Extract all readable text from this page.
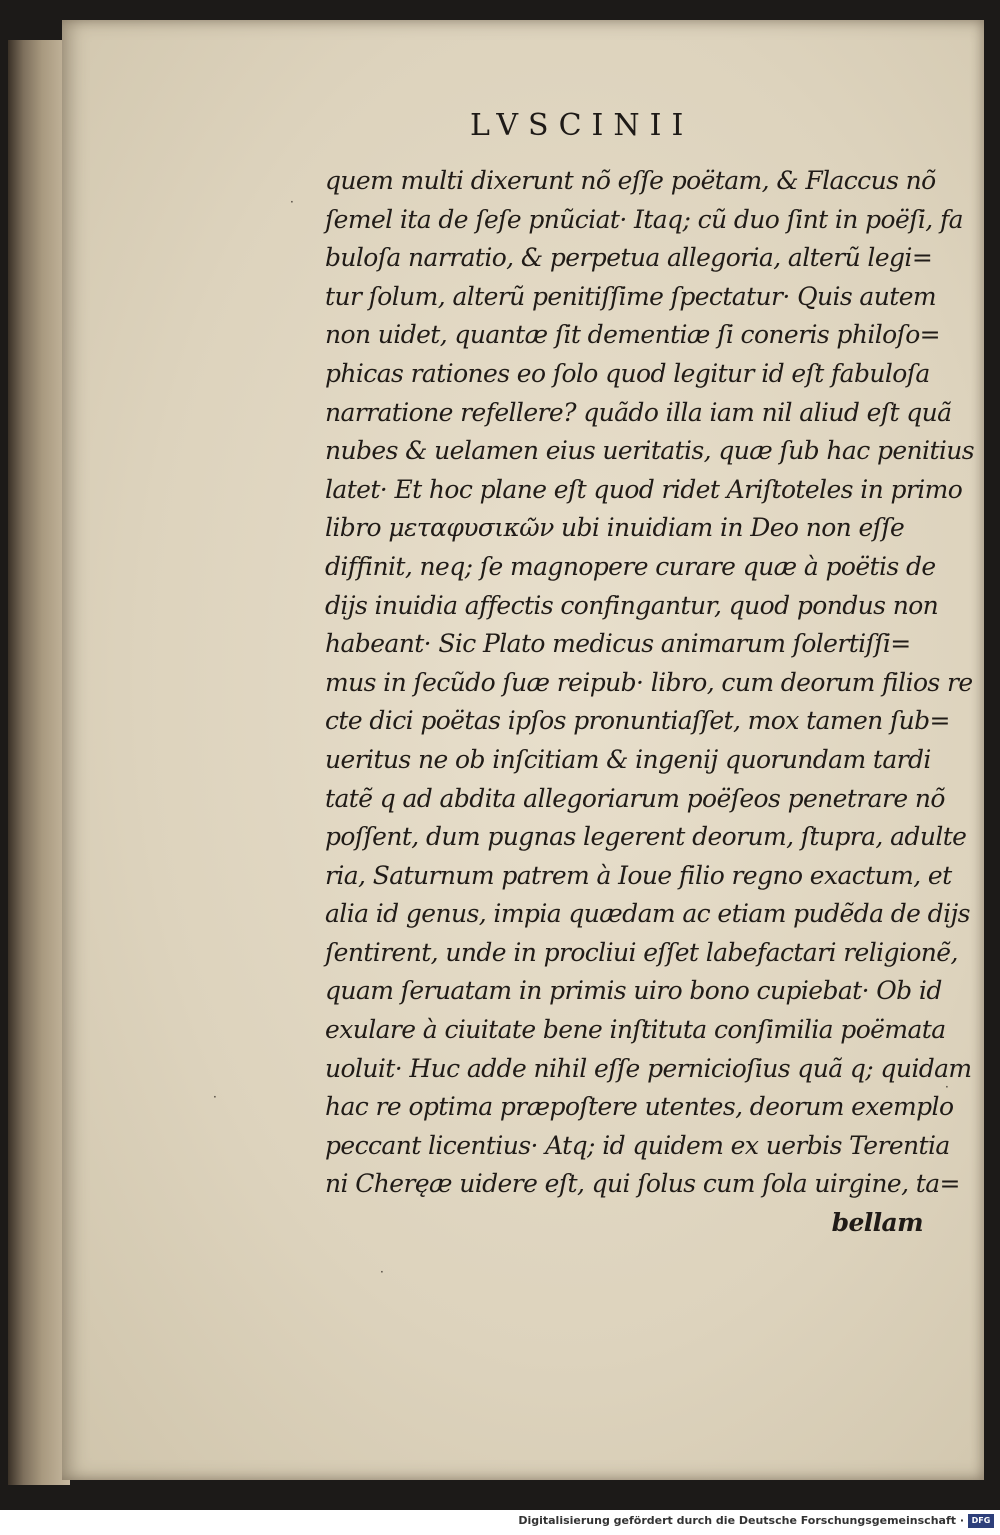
LVSCINII
quem multi dixerunt nõ eſſe poëtam, & Flaccus nõ
ſemel ita de ſeſe pnũciat· Itaq; cũ duo ſint in poëſi, fa
buloſa narratio, & perpetua allegoria, alterũ legi=
tur ſolum, alterũ penitiſſime ſpectatur· Quis autem
non uidet, quantæ ſit dementiæ ſi coneris philoſo=
phicas rationes eo ſolo quod legitur id eſt fabuloſa
narratione refellere? quãdo illa iam nil aliud eſt quã
nubes & uelamen eius ueritatis, quæ ſub hac penitius
latet· Et hoc plane eſt quod ridet Ariſtoteles in primo
libro μεταφυσικῶν ubi inuidiam in Deo non eſſe
diffinit, neq; ſe magnopere curare quæ à poëtis de
dijs inuidia affectis confingantur, quod pondus non
habeant· Sic Plato medicus animarum ſolertiſſi=
mus in ſecũdo ſuæ reipub· libro, cum deorum filios re
cte dici poëtas ipſos pronuntiaſſet, mox tamen ſub=
ueritus ne ob inſcitiam & ingenij quorundam tardi
tatẽ q ad abdita allegoriarum poëſeos penetrare nõ
poſſent, dum pugnas legerent deorum, ſtupra, adulte
ria, Saturnum patrem à Ioue filio regno exactum, et
alia id genus, impia quædam ac etiam pudẽda de dijs
ſentirent, unde in procliui eſſet labefactari religionẽ,
quam ſeruatam in primis uiro bono cupiebat· Ob id
exulare à ciuitate bene inſtituta conſimilia poëmata
uoluit· Huc adde nihil eſſe pernicioſius quã q; quidam
hac re optima præpoſtere utentes, deorum exemplo
peccant licentius· Atq; id quidem ex uerbis Terentia
ni Cheręæ uidere eſt, qui ſolus cum ſola uirgine, ta=
bellam
·
·
·
·
Digitalisierung gefördert durch die Deutsche Forschungsgemeinschaft · DFG
